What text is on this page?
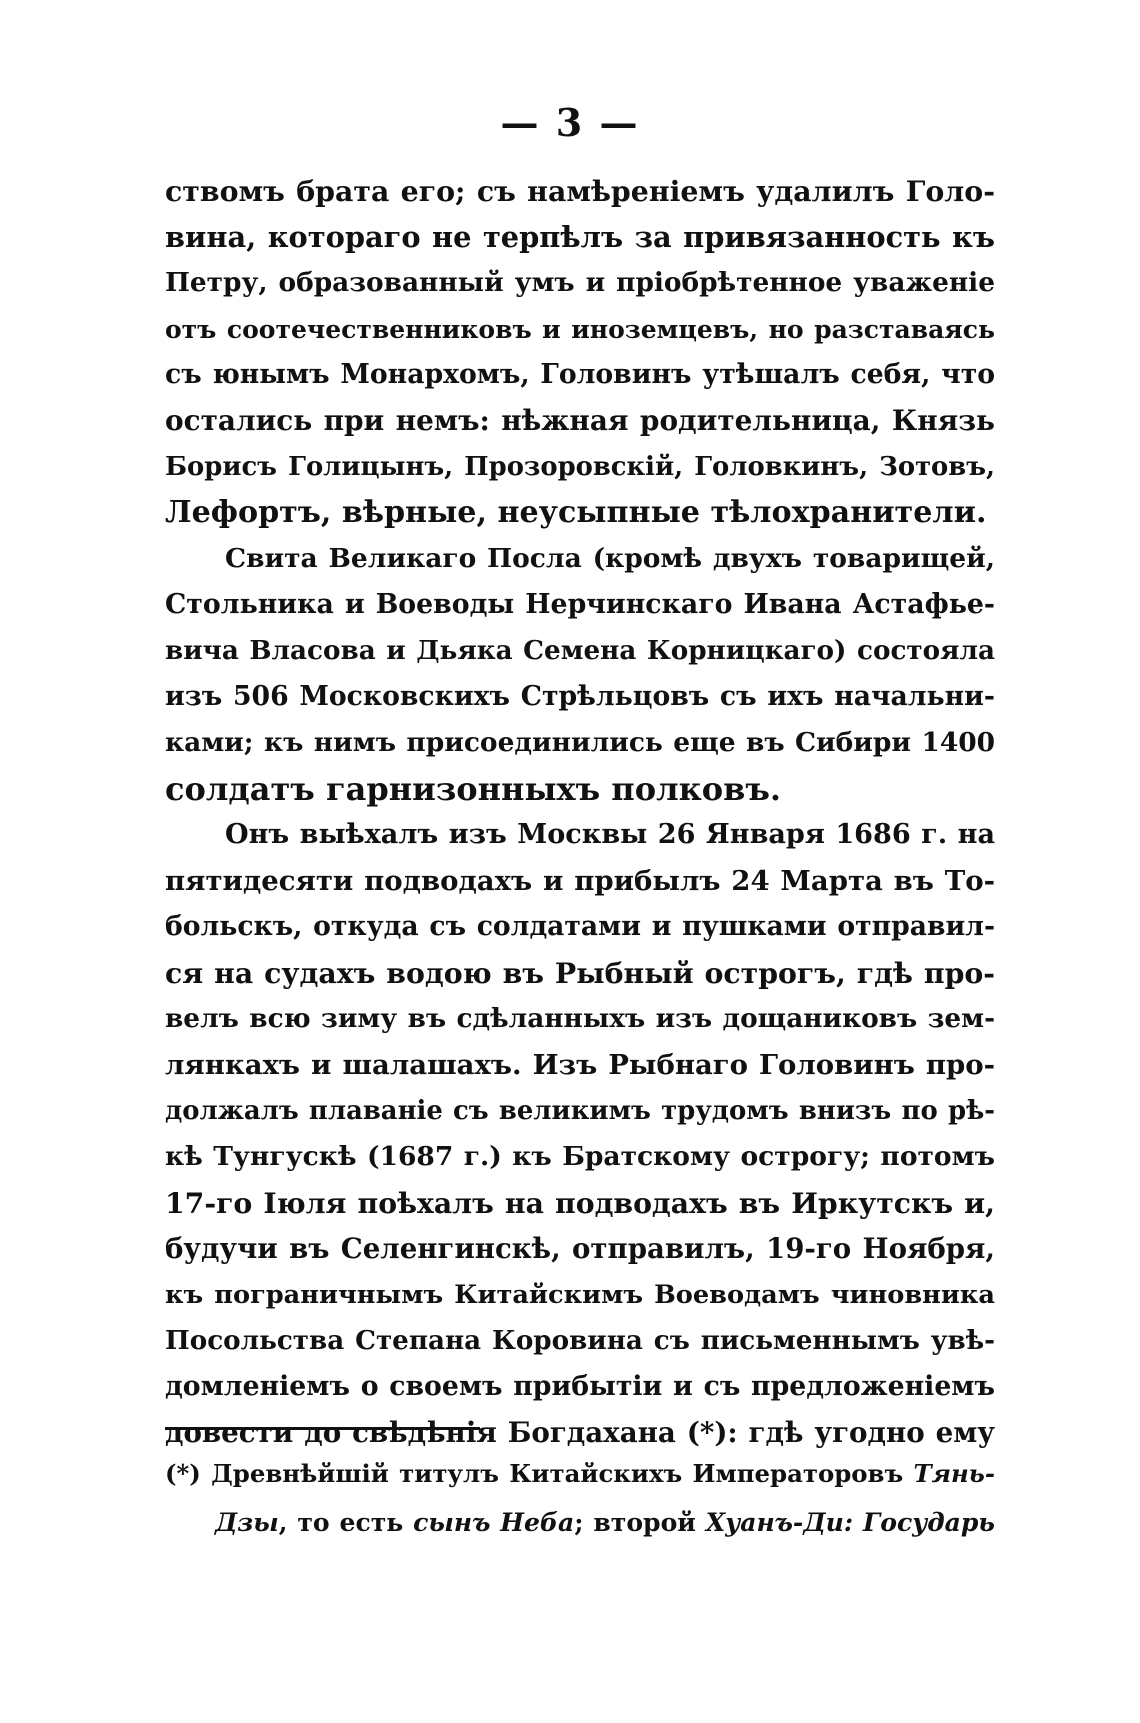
— 3 —
ствомъ брата его; съ намѣреніемъ удалилъ Голо-
вина, котораго не терпѣлъ за привязанность къ
Петру, образованный умъ и пріобрѣтенное уваженіе
отъ соотечественниковъ и иноземцевъ, но разставаясь
съ юнымъ Монархомъ, Головинъ утѣшалъ себя, что
остались при немъ: нѣжная родительница, Князь
Борисъ Голицынъ, Прозоровскій, Головкинъ, Зотовъ,
Лефортъ, вѣрные, неусыпные тѣлохранители.
Свита Великаго Посла (кромѣ двухъ товарищей,
Стольника и Воеводы Нерчинскаго Ивана Астафье-
вича Власова и Дьяка Семена Корницкаго) состояла
изъ 506 Московскихъ Стрѣльцовъ съ ихъ начальни-
ками; къ нимъ присоединились еще въ Сибири 1400
солдатъ гарнизонныхъ полковъ.
Онъ выѣхалъ изъ Москвы 26 Января 1686 г. на
пятидесяти подводахъ и прибылъ 24 Марта въ То-
больскъ, откуда съ солдатами и пушками отправил-
ся на судахъ водою въ Рыбный острогъ, гдѣ про-
велъ всю зиму въ сдѣланныхъ изъ дощаниковъ зем-
лянкахъ и шалашахъ. Изъ Рыбнаго Головинъ про-
должалъ плаваніе съ великимъ трудомъ внизъ по рѣ-
кѣ Тунгускѣ (1687 г.) къ Братскому острогу; потомъ
17-го Іюля поѣхалъ на подводахъ въ Иркутскъ и,
будучи въ Селенгинскѣ, отправилъ, 19-го Ноября,
къ пограничнымъ Китайскимъ Воеводамъ чиновника
Посольства Степана Коровина съ письменнымъ увѣ-
домленіемъ о своемъ прибытіи и съ предложеніемъ
довести до свѣдѣнія Богдахана (*): гдѣ угодно ему
(*) Древнѣйшій титулъ Китайскихъ Императоровъ Тянь-
Дзы, то есть сынъ Неба; второй Хуанъ-Ди: Государь
